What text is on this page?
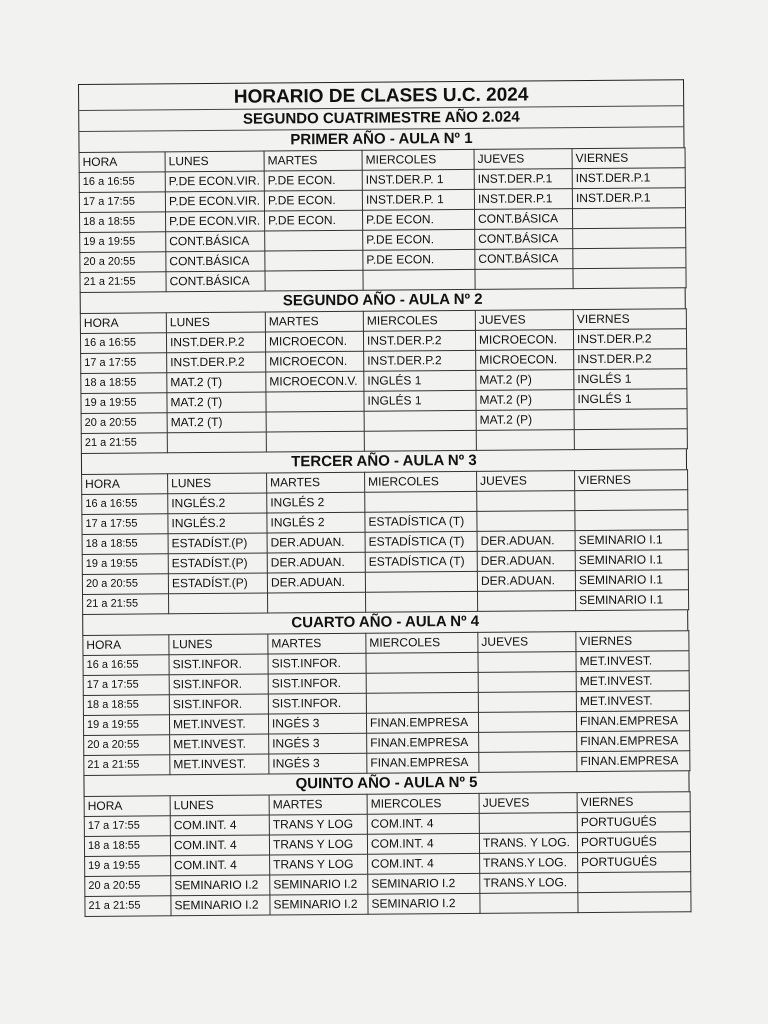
HORARIO DE CLASES U.C. 2024
SEGUNDO CUATRIMESTRE AÑO 2.024
PRIMER AÑO - AULA Nº 1
HORA	LUNES	MARTES	MIERCOLES	JUEVES	VIERNES
16 a 16:55	P.DE ECON.VIR.	P.DE ECON.	INST.DER.P. 1	INST.DER.P.1	INST.DER.P.1
17 a 17:55	P.DE ECON.VIR.	P.DE ECON.	INST.DER.P. 1	INST.DER.P.1	INST.DER.P.1
18 a 18:55	P.DE ECON.VIR.	P.DE ECON.	P.DE ECON.	CONT.BÁSICA	
19 a 19:55	CONT.BÁSICA		P.DE ECON.	CONT.BÁSICA	
20 a 20:55	CONT.BÁSICA		P.DE ECON.	CONT.BÁSICA	
21 a 21:55	CONT.BÁSICA				
SEGUNDO AÑO - AULA Nº 2
HORA	LUNES	MARTES	MIERCOLES	JUEVES	VIERNES
16 a 16:55	INST.DER.P.2	MICROECON.	INST.DER.P.2	MICROECON.	INST.DER.P.2
17 a 17:55	INST.DER.P.2	MICROECON.	INST.DER.P.2	MICROECON.	INST.DER.P.2
18 a 18:55	MAT.2 (T)	MICROECON.V.	INGLÉS 1	MAT.2 (P)	INGLÉS 1
19 a 19:55	MAT.2 (T)		INGLÉS 1	MAT.2 (P)	INGLÉS 1
20 a 20:55	MAT.2 (T)			MAT.2 (P)	
21 a 21:55					
TERCER AÑO - AULA Nº 3
HORA	LUNES	MARTES	MIERCOLES	JUEVES	VIERNES
16 a 16:55	INGLÉS.2	INGLÉS 2			
17 a 17:55	INGLÉS.2	INGLÉS 2	ESTADÍSTICA (T)		
18 a 18:55	ESTADÍST.(P)	DER.ADUAN.	ESTADÍSTICA (T)	DER.ADUAN.	SEMINARIO I.1
19 a 19:55	ESTADÍST.(P)	DER.ADUAN.	ESTADÍSTICA (T)	DER.ADUAN.	SEMINARIO I.1
20 a 20:55	ESTADÍST.(P)	DER.ADUAN.		DER.ADUAN.	SEMINARIO I.1
21 a 21:55					SEMINARIO I.1
CUARTO AÑO - AULA Nº 4
HORA	LUNES	MARTES	MIERCOLES	JUEVES	VIERNES
16 a 16:55	SIST.INFOR.	SIST.INFOR.			MET.INVEST.
17 a 17:55	SIST.INFOR.	SIST.INFOR.			MET.INVEST.
18 a 18:55	SIST.INFOR.	SIST.INFOR.			MET.INVEST.
19 a 19:55	MET.INVEST.	INGÉS 3	FINAN.EMPRESA		FINAN.EMPRESA
20 a 20:55	MET.INVEST.	INGÉS 3	FINAN.EMPRESA		FINAN.EMPRESA
21 a 21:55	MET.INVEST.	INGÉS 3	FINAN.EMPRESA		FINAN.EMPRESA
QUINTO AÑO - AULA Nº 5
HORA	LUNES	MARTES	MIERCOLES	JUEVES	VIERNES
17 a 17:55	COM.INT. 4	TRANS Y LOG	COM.INT. 4		PORTUGUÉS
18 a 18:55	COM.INT. 4	TRANS Y LOG	COM.INT. 4	TRANS. Y LOG.	PORTUGUÉS
19 a 19:55	COM.INT. 4	TRANS Y LOG	COM.INT. 4	TRANS.Y LOG.	PORTUGUÉS
20 a 20:55	SEMINARIO I.2	SEMINARIO I.2	SEMINARIO I.2	TRANS.Y LOG.	
21 a 21:55	SEMINARIO I.2	SEMINARIO I.2	SEMINARIO I.2		
